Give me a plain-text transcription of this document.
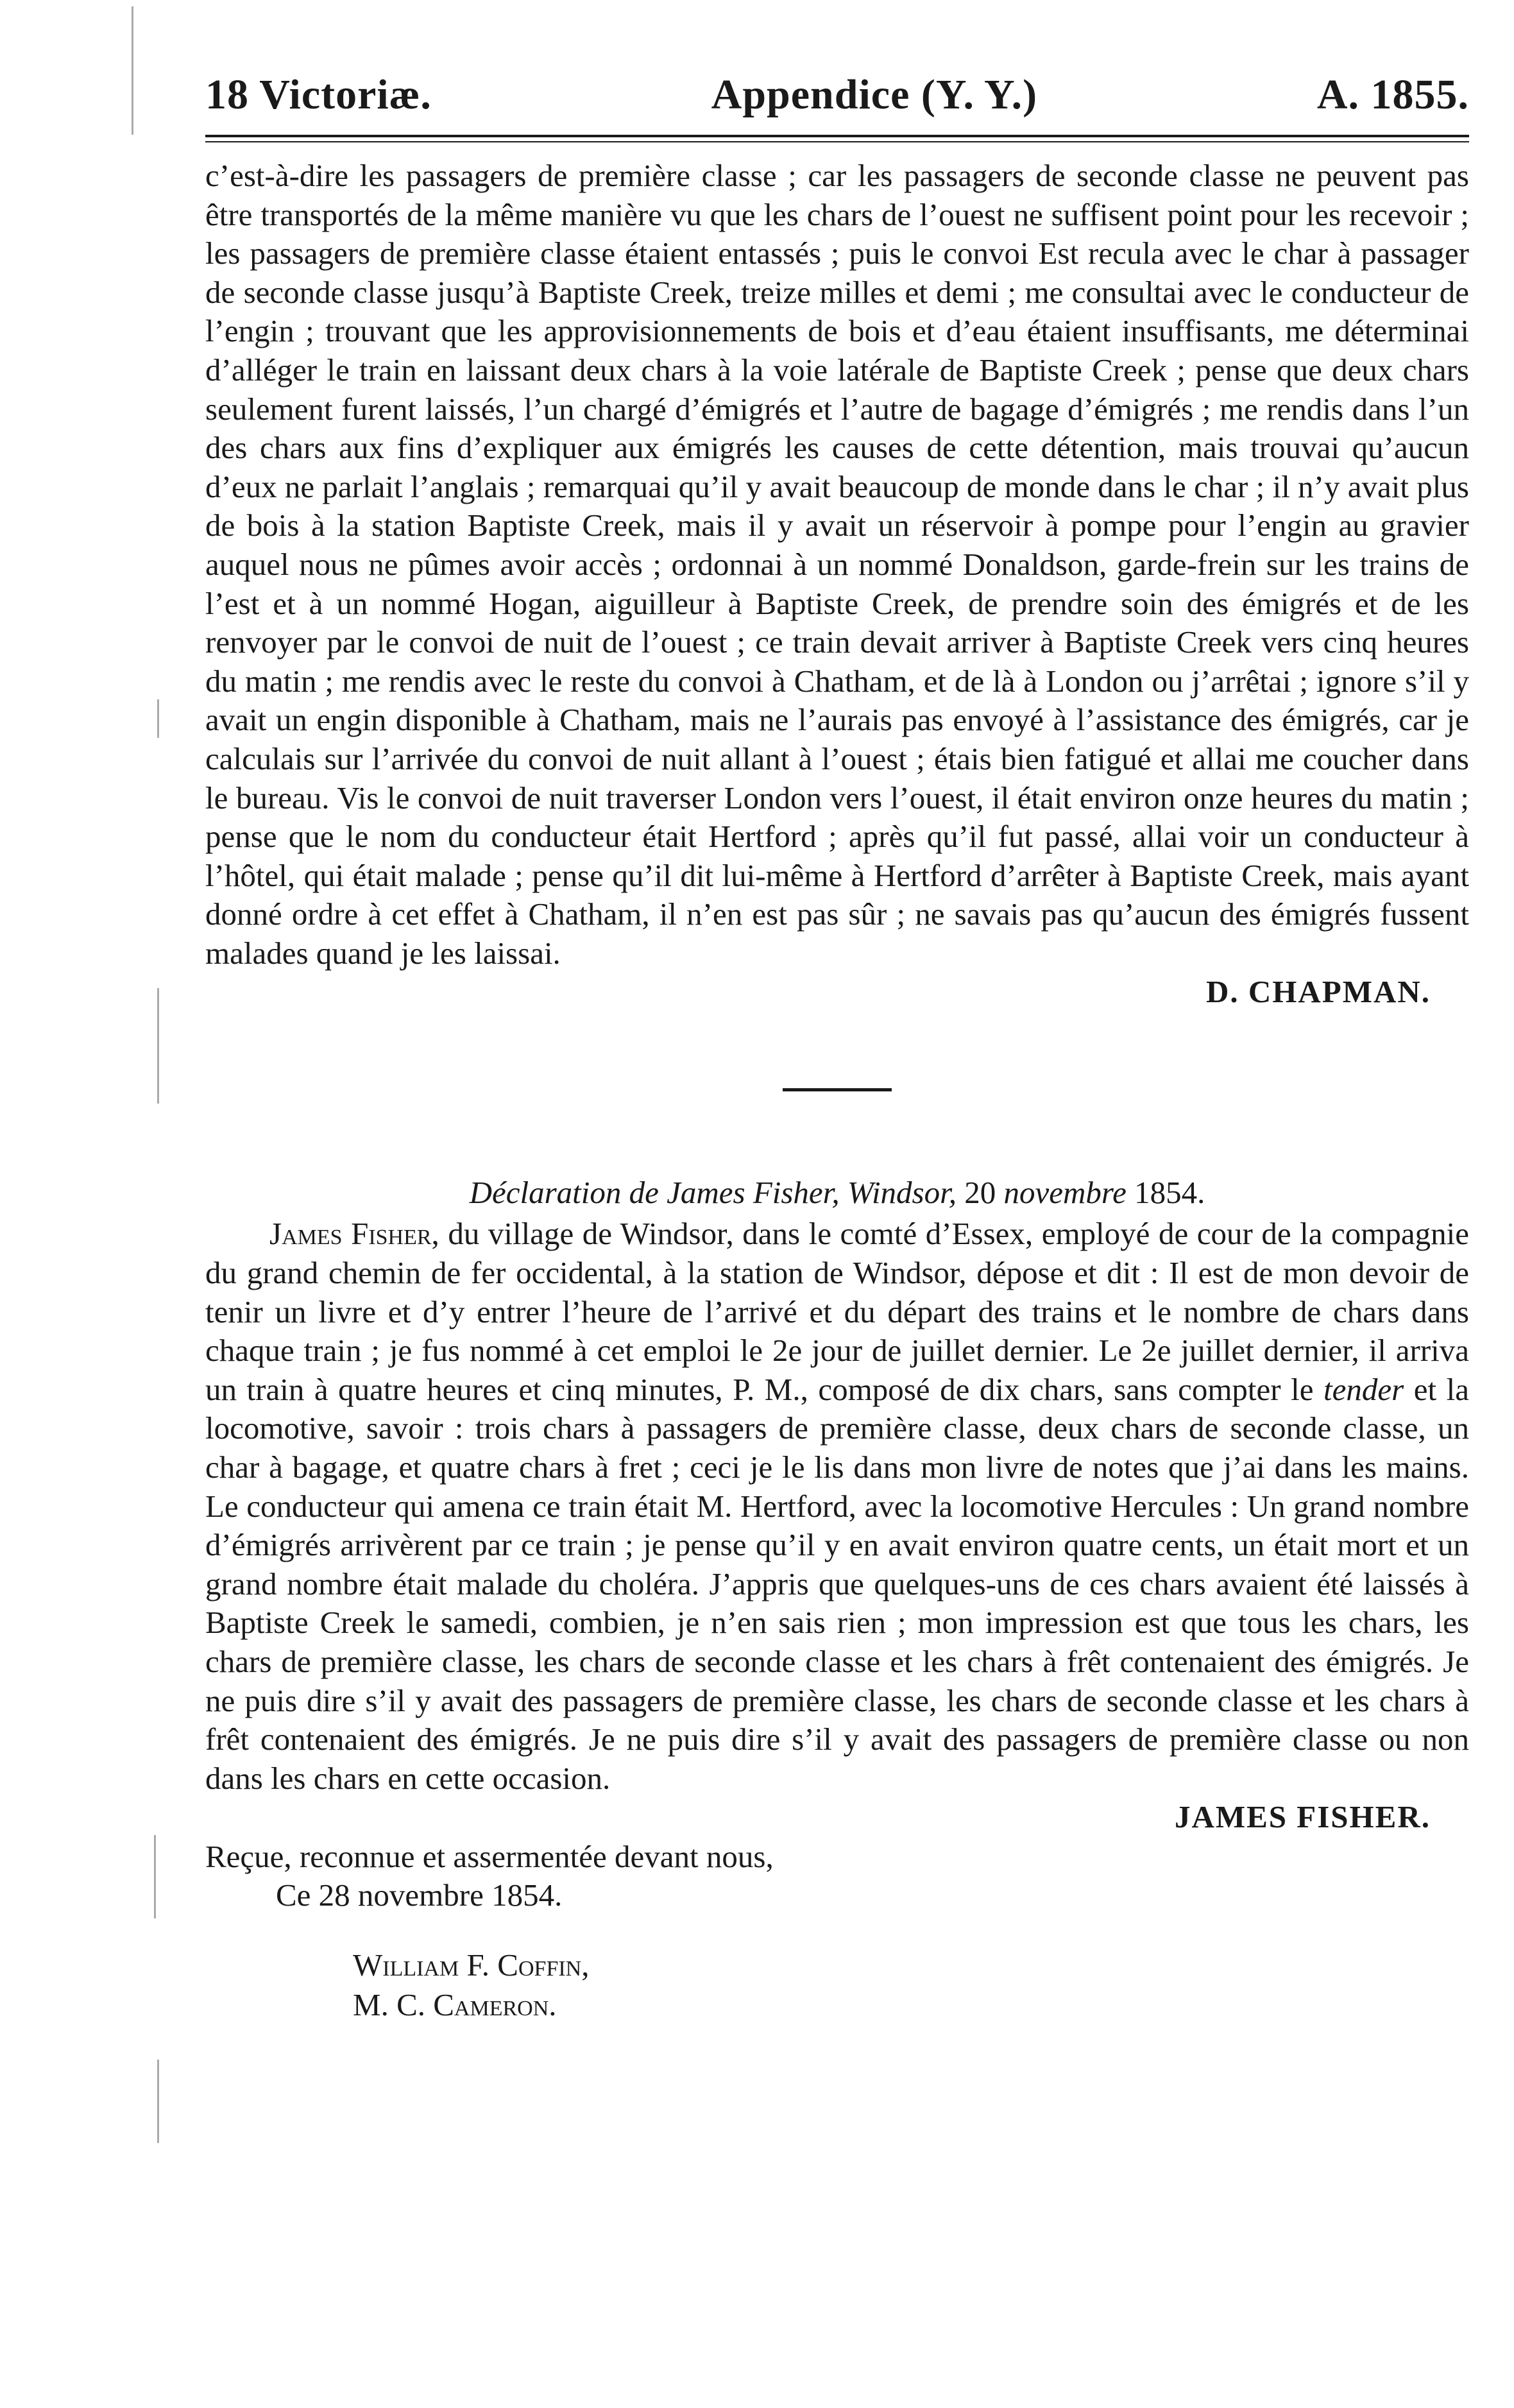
18 Victoriæ.	Appendice (Y. Y.)	A. 1855.

c’est-à-dire les passagers de première classe ; car les passagers de seconde classe ne peuvent pas être transportés de la même manière vu que les chars de l’ouest ne suffisent point pour les recevoir ; les passagers de première classe étaient entassés ; puis le convoi Est recula avec le char à passager de seconde classe jusqu’à Baptiste Creek, treize milles et demi ; me consultai avec le conducteur de l’engin ; trouvant que les approvisionnements de bois et d’eau étaient insuffisants, me déterminai d’alléger le train en laissant deux chars à la voie latérale de Baptiste Creek ; pense que deux chars seulement furent laissés, l’un chargé d’émigrés et l’autre de bagage d’émigrés ; me rendis dans l’un des chars aux fins d’expliquer aux émigrés les causes de cette détention, mais trouvai qu’aucun d’eux ne parlait l’anglais ; remarquai qu’il y avait beaucoup de monde dans le char ; il n’y avait plus de bois à la station Baptiste Creek, mais il y avait un réservoir à pompe pour l’engin au gravier auquel nous ne pûmes avoir accès ; ordonnai à un nommé Donaldson, garde-frein sur les trains de l’est et à un nommé Hogan, aiguilleur à Baptiste Creek, de prendre soin des émigrés et de les renvoyer par le convoi de nuit de l’ouest ; ce train devait arriver à Baptiste Creek vers cinq heures du matin ; me rendis avec le reste du convoi à Chatham, et de là à London ou j’arrêtai ; ignore s’il y avait un engin disponible à Chatham, mais ne l’aurais pas envoyé à l’assistance des émigrés, car je calculais sur l’arrivée du convoi de nuit allant à l’ouest ; étais bien fatigué et allai me coucher dans le bureau. Vis le convoi de nuit traverser London vers l’ouest, il était environ onze heures du matin ; pense que le nom du conducteur était Hertford ; après qu’il fut passé, allai voir un conducteur à l’hôtel, qui était malade ; pense qu’il dit lui-même à Hertford d’arrêter à Baptiste Creek, mais ayant donné ordre à cet effet à Chatham, il n’en est pas sûr ; ne savais pas qu’aucun des émigrés fussent malades quand je les laissai.

D. CHAPMAN.
Déclaration de James Fisher, Windsor, 20 novembre 1854.

James Fisher, du village de Windsor, dans le comté d’Essex, employé de cour de la compagnie du grand chemin de fer occidental, à la station de Windsor, dépose et dit : Il est de mon devoir de tenir un livre et d’y entrer l’heure de l’arrivé et du départ des trains et le nombre de chars dans chaque train ; je fus nommé à cet emploi le 2e jour de juillet dernier. Le 2e juillet dernier, il arriva un train à quatre heures et cinq minutes, P. M., composé de dix chars, sans compter le tender et la locomotive, savoir : trois chars à passagers de première classe, deux chars de seconde classe, un char à bagage, et quatre chars à fret ; ceci je le lis dans mon livre de notes que j’ai dans les mains. Le conducteur qui amena ce train était M. Hertford, avec la locomotive Hercules : Un grand nombre d’émigrés arrivèrent par ce train ; je pense qu’il y en avait environ quatre cents, un était mort et un grand nombre était malade du choléra. J’appris que quelques-uns de ces chars avaient été laissés à Baptiste Creek le samedi, combien, je n’en sais rien ; mon impression est que tous les chars, les chars de première classe, les chars de seconde classe et les chars à frêt contenaient des émigrés. Je ne puis dire s’il y avait des passagers de première classe, les chars de seconde classe et les chars à frêt contenaient des émigrés. Je ne puis dire s’il y avait des passagers de première classe ou non dans les chars en cette occasion.

JAMES FISHER.
Reçue, reconnue et assermentée devant nous,
Ce 28 novembre 1854.
William F. Coffin,
M. C. Cameron.
